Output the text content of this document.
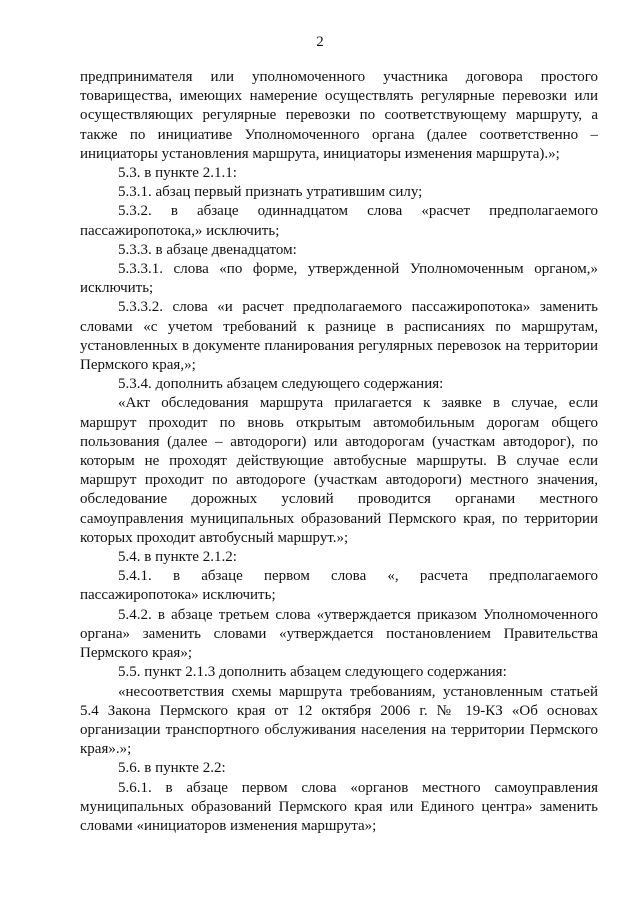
2

предпринимателя или уполномоченного участника договора простого товарищества, имеющих намерение осуществлять регулярные перевозки или осуществляющих регулярные перевозки по соответствующему маршруту, а также по инициативе Уполномоченного органа (далее соответственно – инициаторы установления маршрута, инициаторы изменения маршрута).»;

5.3. в пункте 2.1.1:

5.3.1. абзац первый признать утратившим силу;

5.3.2. в абзаце одиннадцатом слова «расчет предполагаемого пассажиропотока,» исключить;

5.3.3. в абзаце двенадцатом:

5.3.3.1. слова «по форме, утвержденной Уполномоченным органом,» исключить;

5.3.3.2. слова «и расчет предполагаемого пассажиропотока» заменить словами «с учетом требований к разнице в расписаниях по маршрутам, установленных в документе планирования регулярных перевозок на территории Пермского края,»;

5.3.4. дополнить абзацем следующего содержания:

«Акт обследования маршрута прилагается к заявке в случае, если маршрут проходит по вновь открытым автомобильным дорогам общего пользования (далее – автодороги) или автодорогам (участкам автодорог), по которым не проходят действующие автобусные маршруты. В случае если маршрут проходит по автодороге (участкам автодороги) местного значения, обследование дорожных условий проводится органами местного самоуправления муниципальных образований Пермского края, по территории которых проходит автобусный маршрут.»;

5.4. в пункте 2.1.2:

5.4.1. в абзаце первом слова «, расчета предполагаемого пассажиропотока» исключить;

5.4.2. в абзаце третьем слова «утверждается приказом Уполномоченного органа» заменить словами «утверждается постановлением Правительства Пермского края»;

5.5. пункт 2.1.3 дополнить абзацем следующего содержания:

«несоответствия схемы маршрута требованиям, установленным статьей 5.4 Закона Пермского края от 12 октября 2006 г. № 19-КЗ «Об основах организации транспортного обслуживания населения на территории Пермского края».»;

5.6. в пункте 2.2:

5.6.1. в абзаце первом слова «органов местного самоуправления муниципальных образований Пермского края или Единого центра» заменить словами «инициаторов изменения маршрута»;
